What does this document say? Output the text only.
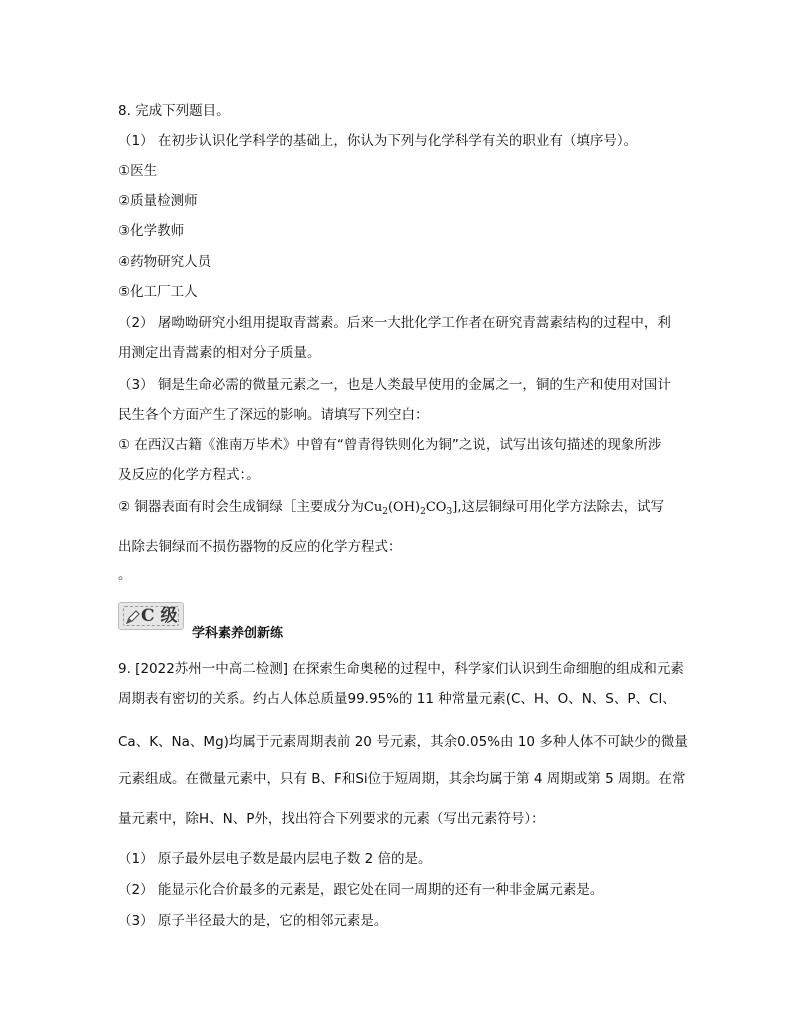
8. 完成下列题目。
（1） 在初步认识化学科学的基础上，你认为下列与化学科学有关的职业有（填序号）。
①医生
②质量检测师
③化学教师
④药物研究人员
⑤化工厂工人
（2） 屠呦呦研究小组用提取青蒿素。后来一大批化学工作者在研究青蒿素结构的过程中，利
用测定出青蒿素的相对分子质量。
（3） 铜是生命必需的微量元素之一，也是人类最早使用的金属之一，铜的生产和使用对国计
民生各个方面产生了深远的影响。请填写下列空白：
① 在西汉古籍《淮南万毕术》中曾有“曾青得铁则化为铜”之说，试写出该句描述的现象所涉
及反应的化学方程式：。
② 铜器表面有时会生成铜绿［主要成分为$Cu_2(OH)_2CO_3$],这层铜绿可用化学方法除去，试写
出除去铜绿而不损伤器物的反应的化学方程式：
。
C 级
学科素养创新练
9. [2022苏州一中高二检测] 在探索生命奥秘的过程中，科学家们认识到生命细胞的组成和元素
周期表有密切的关系。约占人体总质量99.95%的 11 种常量元素(C、H、O、N、S、P、Cl、
Ca、K、Na、Mg)均属于元素周期表前 20 号元素，其余0.05%由 10 多种人体不可缺少的微量
元素组成。在微量元素中，只有 B、F和Si位于短周期，其余均属于第 4 周期或第 5 周期。在常
量元素中，除H、N、P外，找出符合下列要求的元素（写出元素符号）：
（1） 原子最外层电子数是最内层电子数 2 倍的是。
（2） 能显示化合价最多的元素是，跟它处在同一周期的还有一种非金属元素是。
（3） 原子半径最大的是，它的相邻元素是。
